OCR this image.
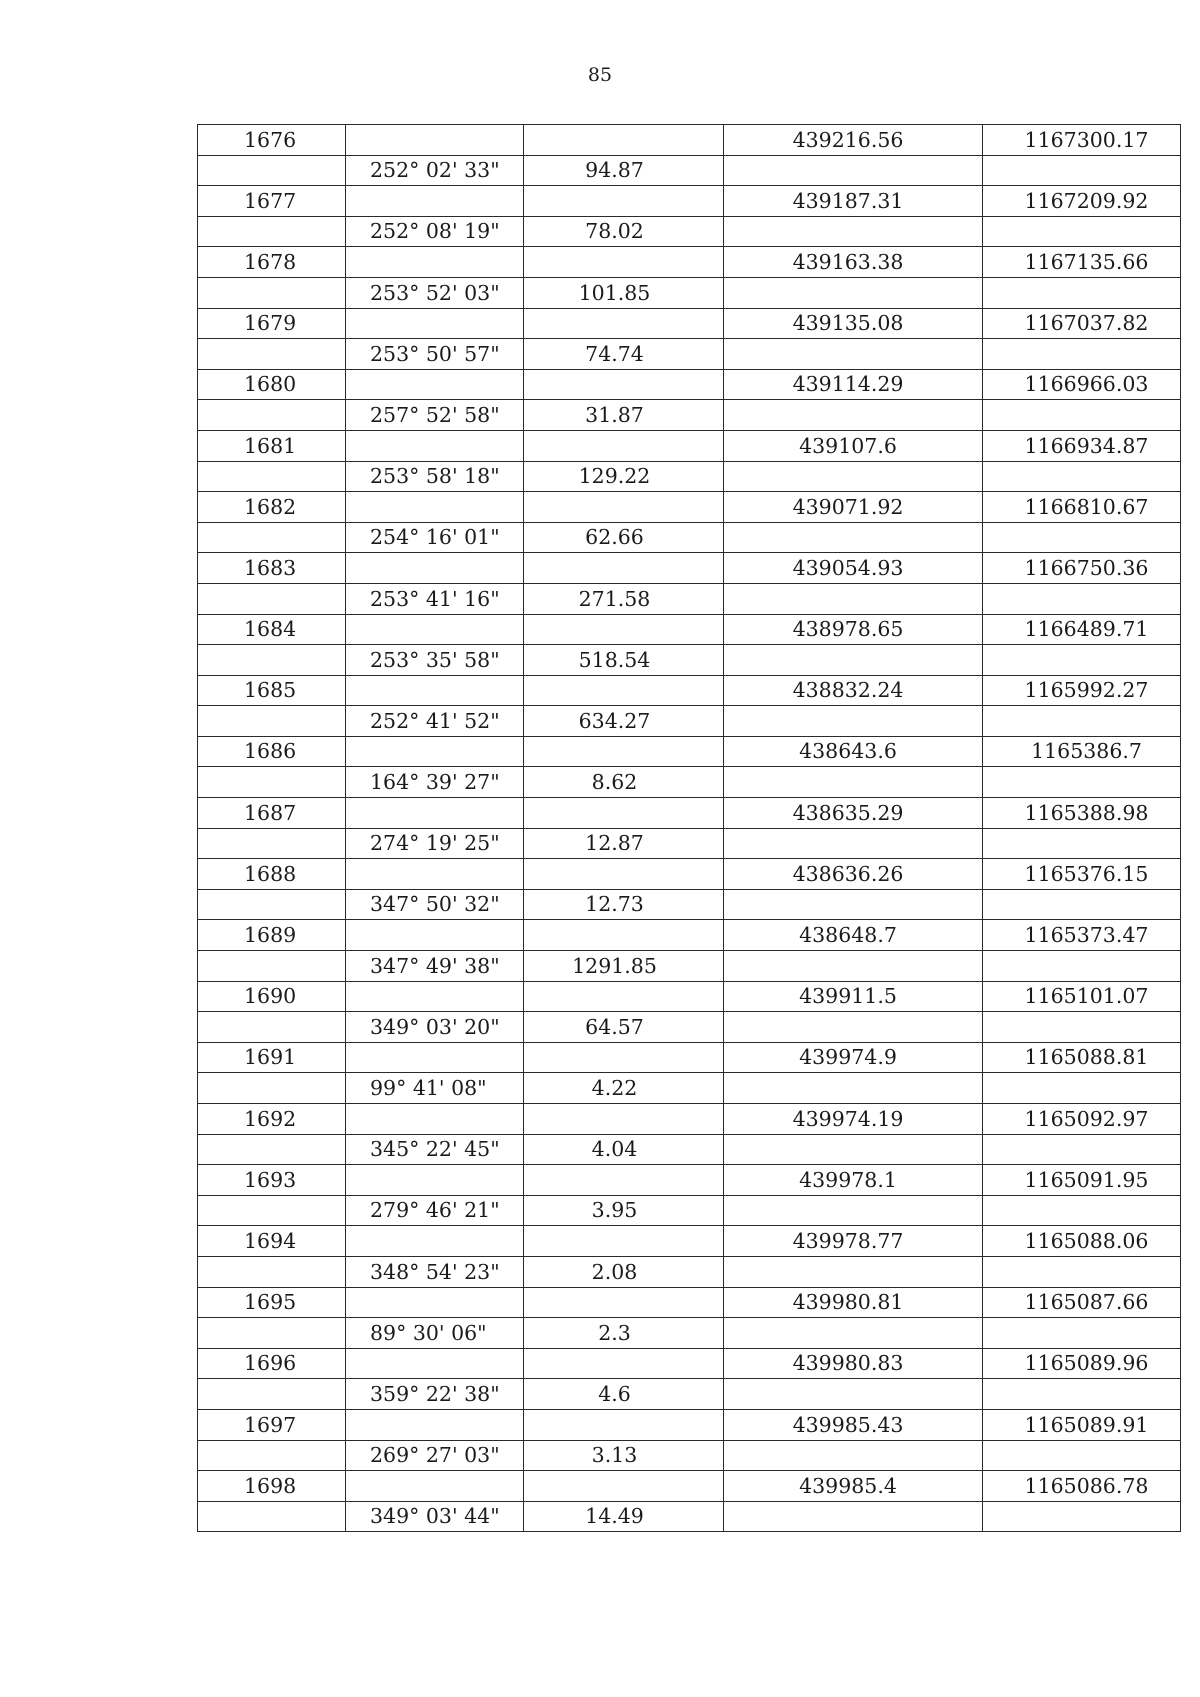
85
1676			439216.56	1167300.17
	252° 02' 33"	94.87		
1677			439187.31	1167209.92
	252° 08' 19"	78.02		
1678			439163.38	1167135.66
	253° 52' 03"	101.85		
1679			439135.08	1167037.82
	253° 50' 57"	74.74		
1680			439114.29	1166966.03
	257° 52' 58"	31.87		
1681			439107.6	1166934.87
	253° 58' 18"	129.22		
1682			439071.92	1166810.67
	254° 16' 01"	62.66		
1683			439054.93	1166750.36
	253° 41' 16"	271.58		
1684			438978.65	1166489.71
	253° 35' 58"	518.54		
1685			438832.24	1165992.27
	252° 41' 52"	634.27		
1686			438643.6	1165386.7
	164° 39' 27"	8.62		
1687			438635.29	1165388.98
	274° 19' 25"	12.87		
1688			438636.26	1165376.15
	347° 50' 32"	12.73		
1689			438648.7	1165373.47
	347° 49' 38"	1291.85		
1690			439911.5	1165101.07
	349° 03' 20"	64.57		
1691			439974.9	1165088.81
	99° 41' 08"	4.22		
1692			439974.19	1165092.97
	345° 22' 45"	4.04		
1693			439978.1	1165091.95
	279° 46' 21"	3.95		
1694			439978.77	1165088.06
	348° 54' 23"	2.08		
1695			439980.81	1165087.66
	89° 30' 06"	2.3		
1696			439980.83	1165089.96
	359° 22' 38"	4.6		
1697			439985.43	1165089.91
	269° 27' 03"	3.13		
1698			439985.4	1165086.78
	349° 03' 44"	14.49		
